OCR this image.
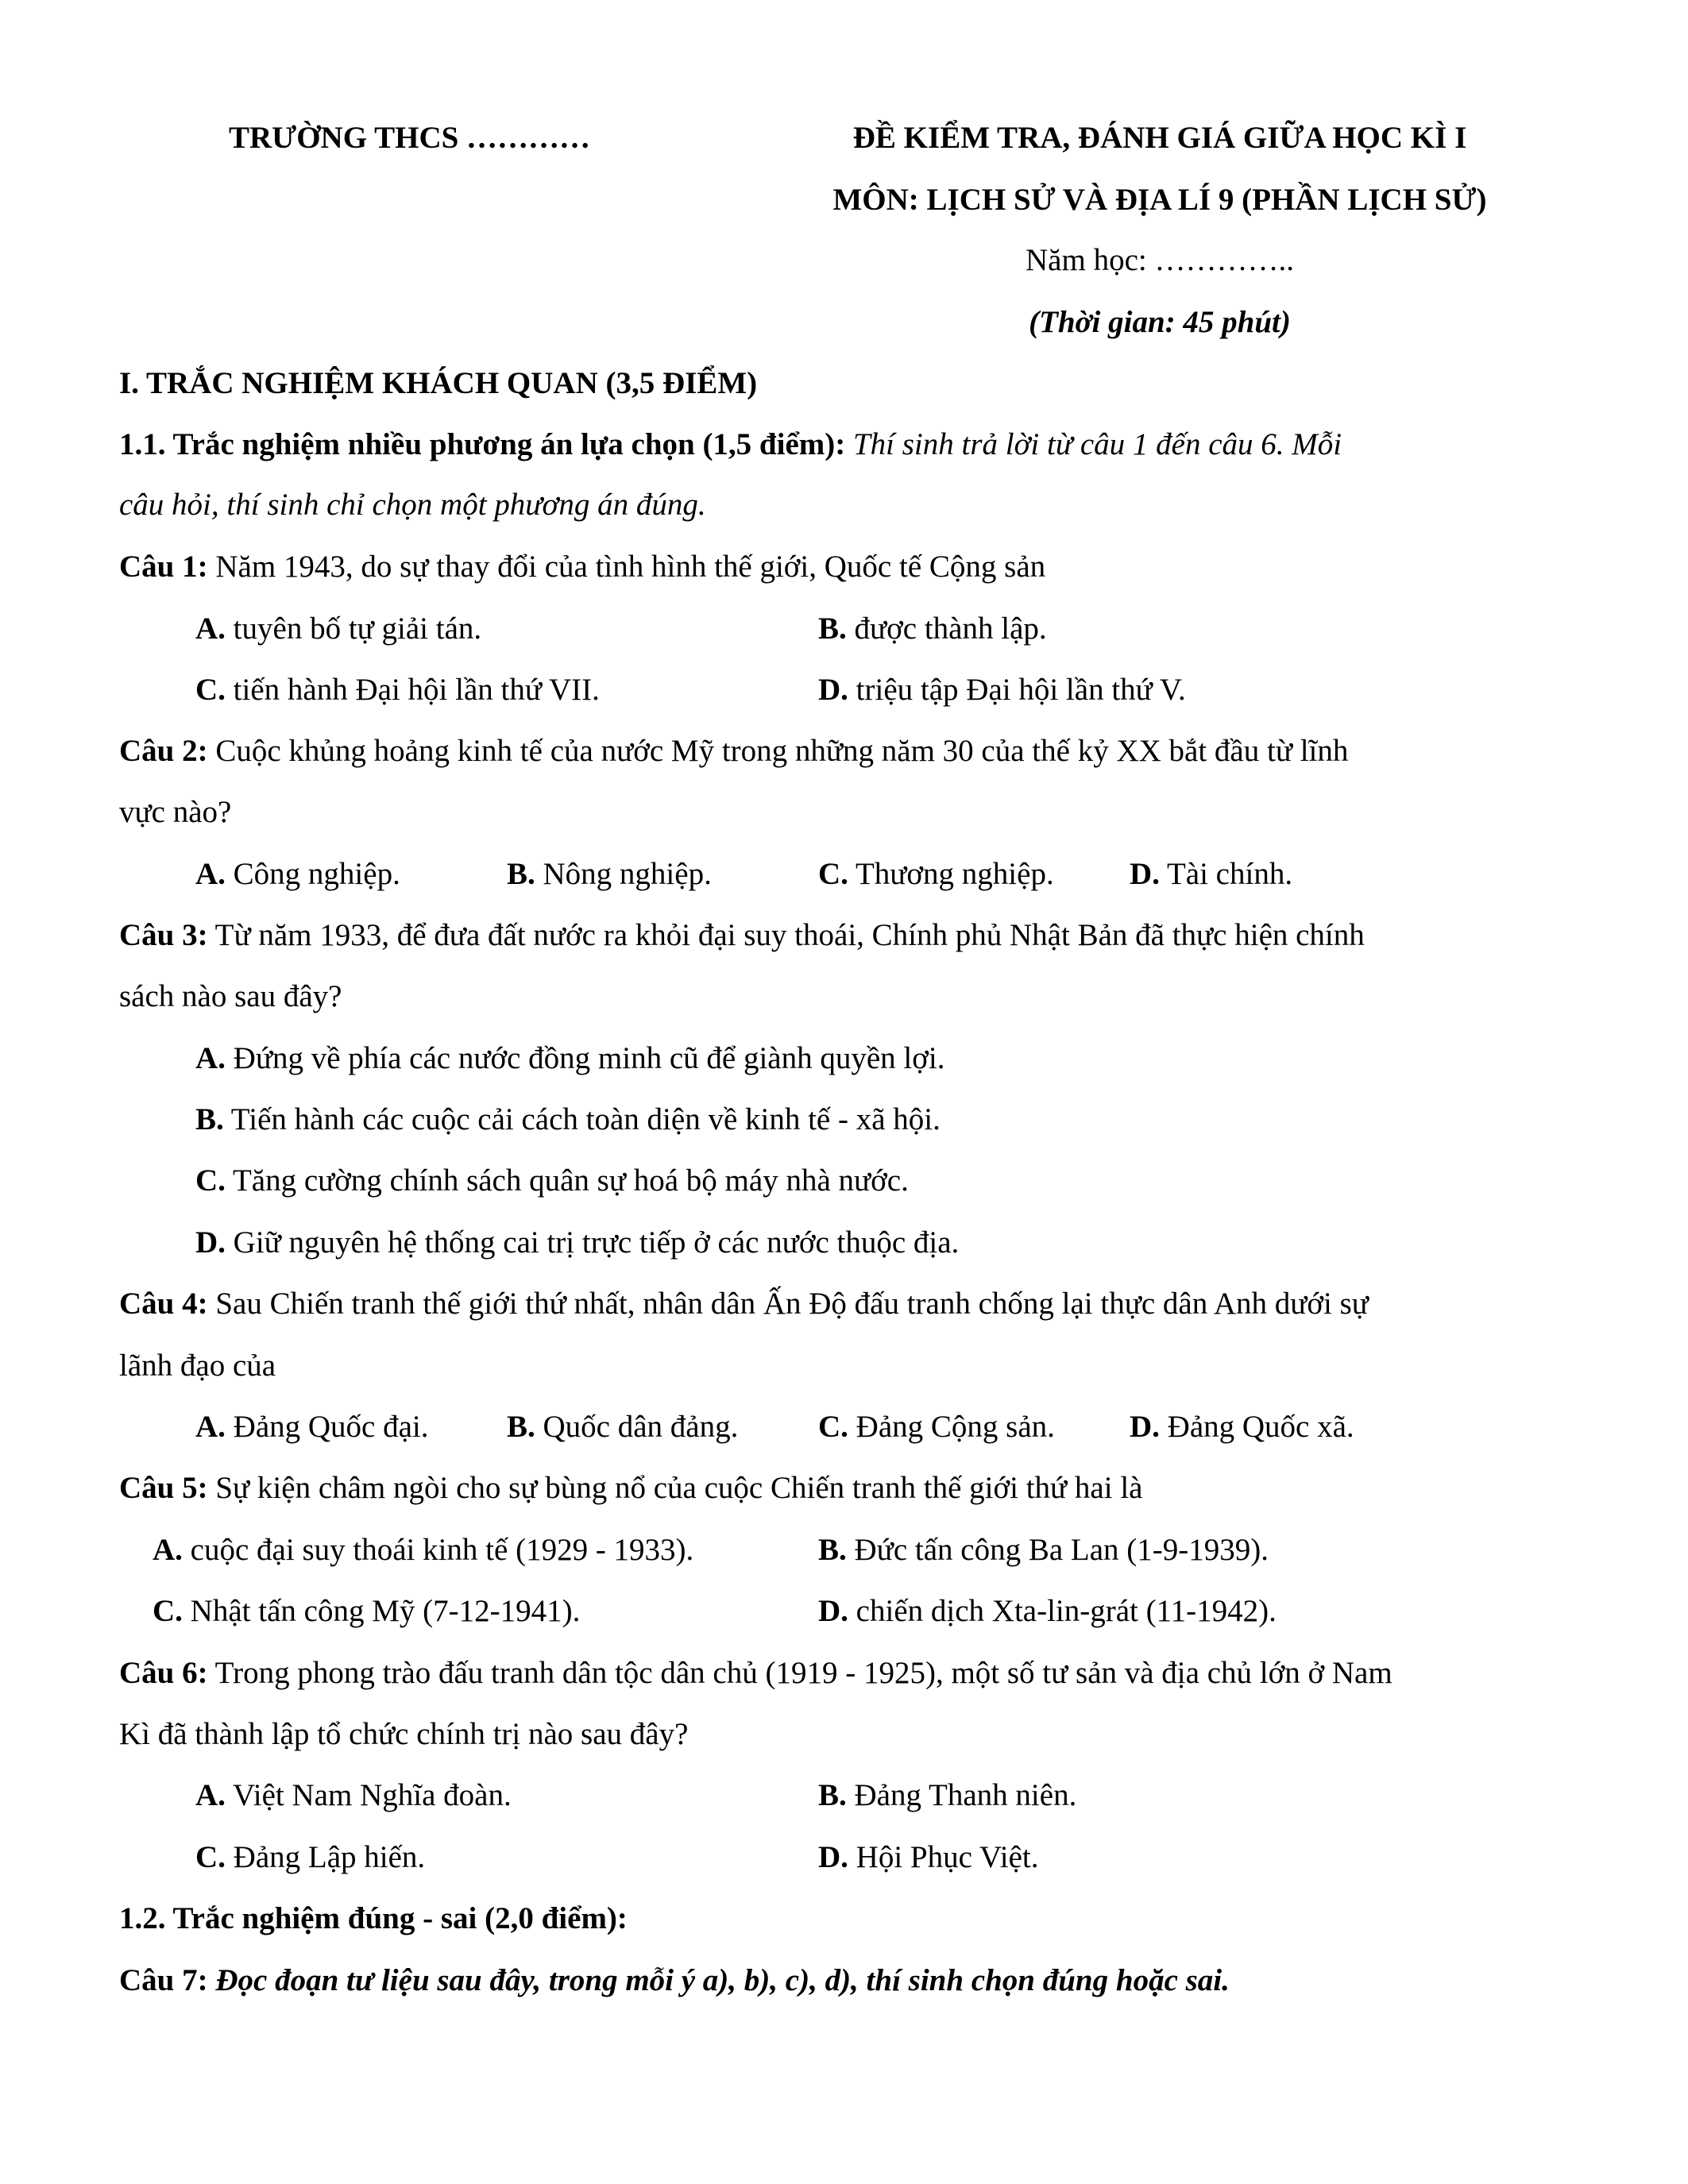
TRƯỜNG THCS …………	ĐỀ KIỂM TRA, ĐÁNH GIÁ GIỮA HỌC KÌ I
MÔN: LỊCH SỬ VÀ ĐỊA LÍ 9 (PHẦN LỊCH SỬ)
Năm học: …………..
(Thời gian: 45 phút)
I. TRẮC NGHIỆM KHÁCH QUAN (3,5 ĐIỂM)
1.1. Trắc nghiệm nhiều phương án lựa chọn (1,5 điểm): Thí sinh trả lời từ câu 1 đến câu 6. Mỗi
câu hỏi, thí sinh chỉ chọn một phương án đúng.
Câu 1: Năm 1943, do sự thay đổi của tình hình thế giới, Quốc tế Cộng sản
A. tuyên bố tự giải tán.	B. được thành lập.
C. tiến hành Đại hội lần thứ VII.	D. triệu tập Đại hội lần thứ V.
Câu 2: Cuộc khủng hoảng kinh tế của nước Mỹ trong những năm 30 của thế kỷ XX bắt đầu từ lĩnh
vực nào?
A. Công nghiệp.	B. Nông nghiệp.	C. Thương nghiệp. D. Tài chính.
Câu 3: Từ năm 1933, để đưa đất nước ra khỏi đại suy thoái, Chính phủ Nhật Bản đã thực hiện chính
sách nào sau đây?
A. Đứng về phía các nước đồng minh cũ để giành quyền lợi.
B. Tiến hành các cuộc cải cách toàn diện về kinh tế - xã hội.
C. Tăng cường chính sách quân sự hoá bộ máy nhà nước.
D. Giữ nguyên hệ thống cai trị trực tiếp ở các nước thuộc địa.
Câu 4: Sau Chiến tranh thế giới thứ nhất, nhân dân Ấn Độ đấu tranh chống lại thực dân Anh dưới sự
lãnh đạo của
A. Đảng Quốc đại.	B. Quốc dân đảng.	C. Đảng Cộng sản. D. Đảng Quốc xã.
Câu 5: Sự kiện châm ngòi cho sự bùng nổ của cuộc Chiến tranh thế giới thứ hai là
A. cuộc đại suy thoái kinh tế (1929 - 1933).	B. Đức tấn công Ba Lan (1-9-1939).
C. Nhật tấn công Mỹ (7-12-1941).	D. chiến dịch Xta-lin-grát (11-1942).
Câu 6: Trong phong trào đấu tranh dân tộc dân chủ (1919 - 1925), một số tư sản và địa chủ lớn ở Nam
Kì đã thành lập tổ chức chính trị nào sau đây?
A. Việt Nam Nghĩa đoàn.	B. Đảng Thanh niên.
C. Đảng Lập hiến.	D. Hội Phục Việt.
1.2. Trắc nghiệm đúng - sai (2,0 điểm):
Câu 7: Đọc đoạn tư liệu sau đây, trong mỗi ý a), b), c), d), thí sinh chọn đúng hoặc sai.
